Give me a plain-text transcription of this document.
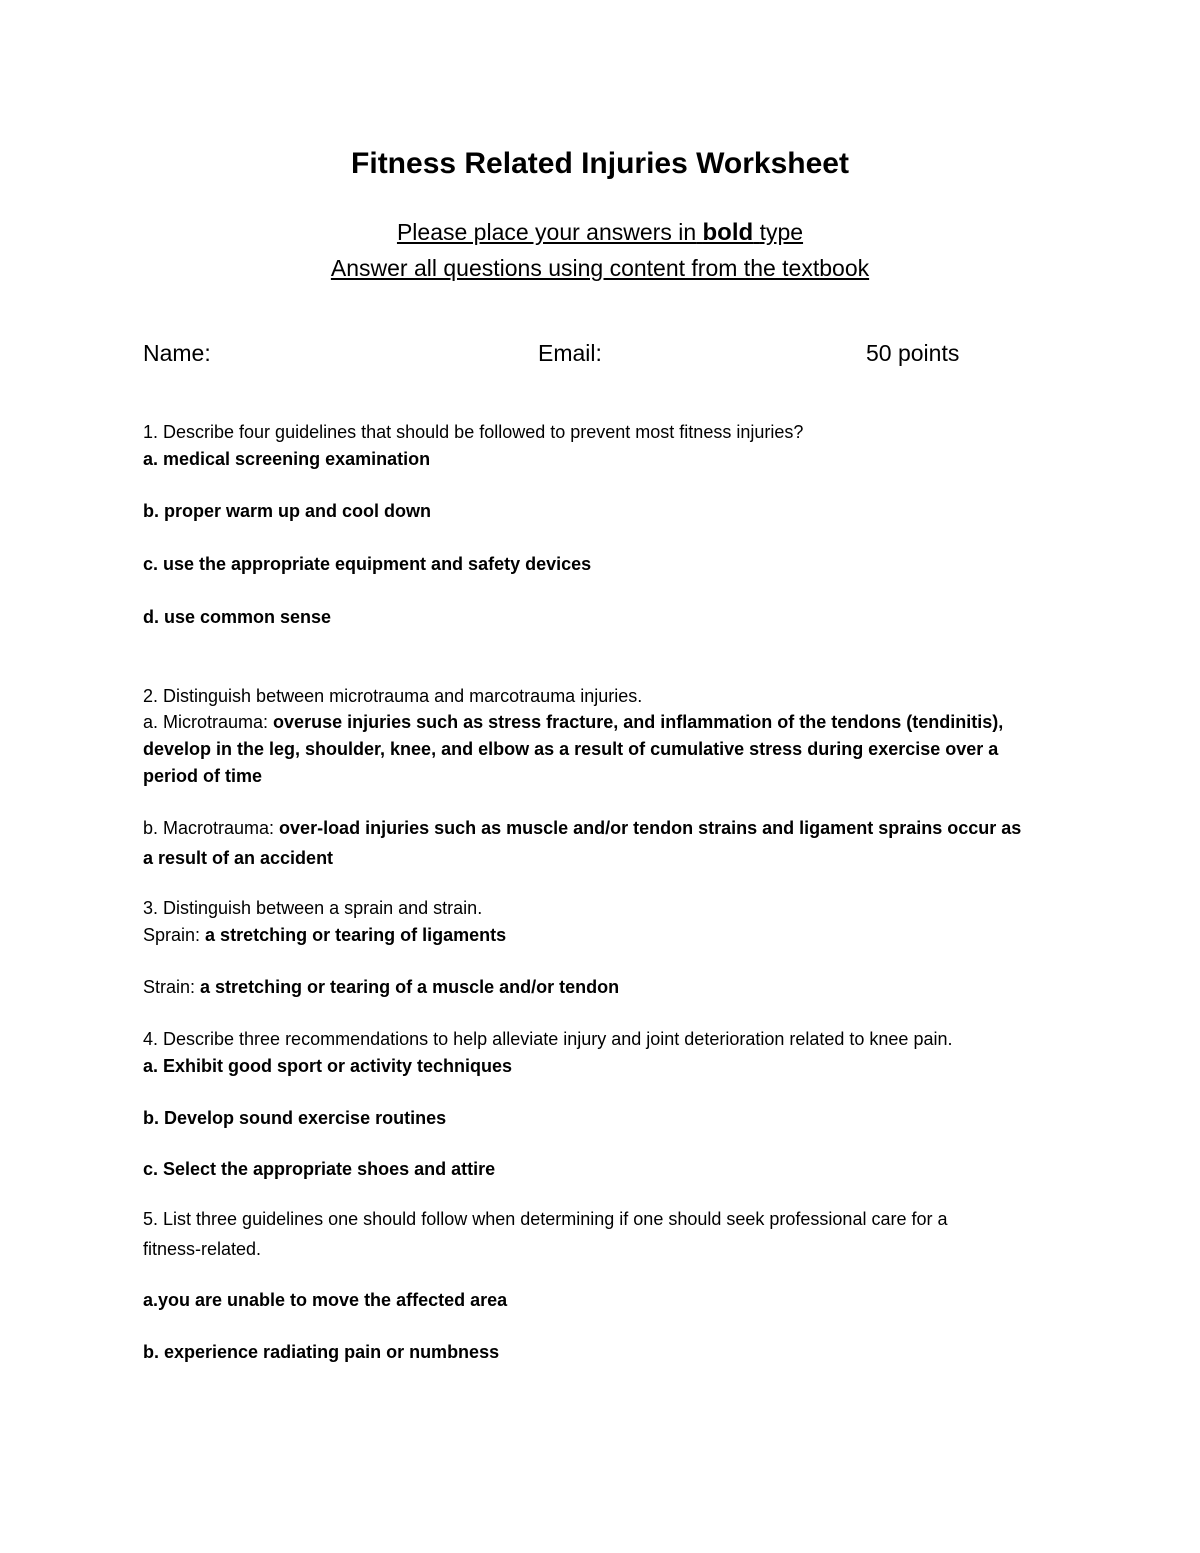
Fitness Related Injuries Worksheet
Please place your answers in bold type
Answer all questions using content from the textbook
Name:	Email:	50 points
1. Describe four guidelines that should be followed to prevent most fitness injuries?
a. medical screening examination
b. proper warm up and cool down
c. use the appropriate equipment and safety devices
d. use common sense
2. Distinguish between microtrauma and marcotrauma injuries.
a. Microtrauma: overuse injuries such as stress fracture, and inflammation of the tendons (tendinitis),
develop in the leg, shoulder, knee, and elbow as a result of cumulative stress during exercise over a
period of time
b. Macrotrauma: over-load injuries such as muscle and/or tendon strains and ligament sprains occur as
a result of an accident
3. Distinguish between a sprain and strain.
Sprain: a stretching or tearing of ligaments
Strain: a stretching or tearing of a muscle and/or tendon
4. Describe three recommendations to help alleviate injury and joint deterioration related to knee pain.
a. Exhibit good sport or activity techniques
b. Develop sound exercise routines
c. Select the appropriate shoes and attire
5. List three guidelines one should follow when determining if one should seek professional care for a
fitness-related.
a.you are unable to move the affected area
b. experience radiating pain or numbness
